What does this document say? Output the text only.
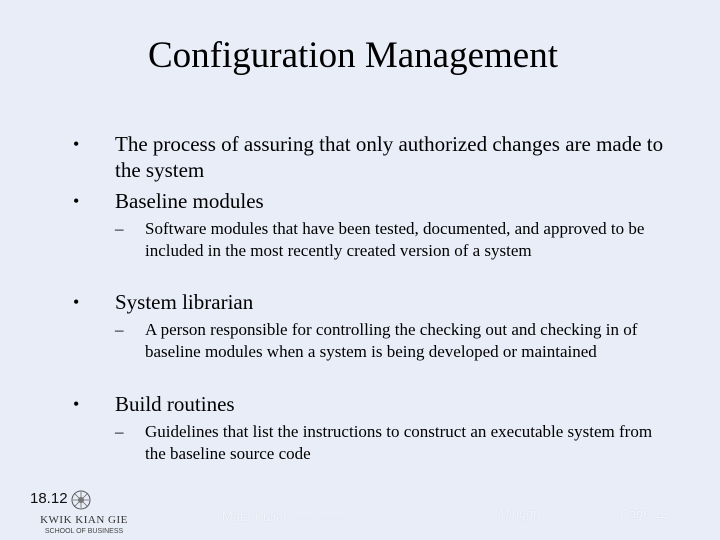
Configuration Management
• The process of assuring that only authorized changes are made to the system
• Baseline modules
– Software modules that have been tested, documented, and approved to be included in the most recently created version of a system
• System librarian
– A person responsible for controlling the checking out and checking in of baseline modules when a system is being developed or maintained
• Build routines
– Guidelines that list the instructions to construct an executable system from the baseline source code
18.12
KWIK KIAN GIE
SCHOOL OF BUSINESS
Mata Kuliah :..............	Minggu ......	Page 12
